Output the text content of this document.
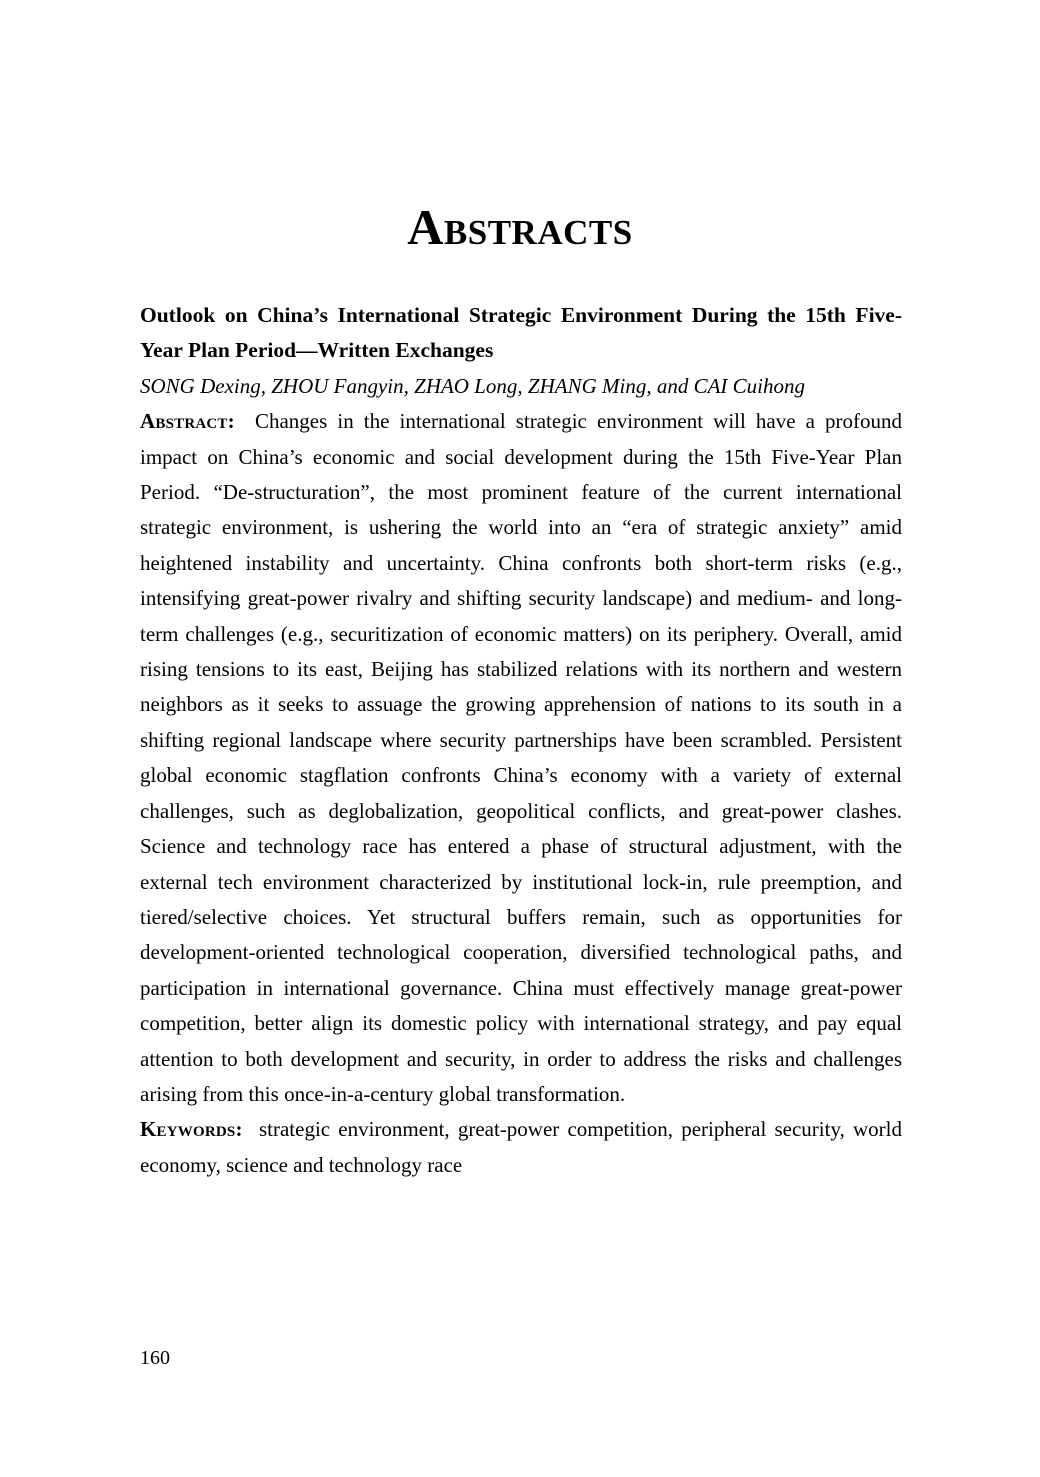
Abstracts

Outlook on China’s International Strategic Environment During the 15th Five-Year Plan Period—Written Exchanges

SONG Dexing, ZHOU Fangyin, ZHAO Long, ZHANG Ming, and CAI Cuihong

Abstract: Changes in the international strategic environment will have a profound impact on China’s economic and social development during the 15th Five-Year Plan Period. “De-structuration”, the most prominent feature of the current international strategic environment, is ushering the world into an “era of strategic anxiety” amid heightened instability and uncertainty. China confronts both short-term risks (e.g., intensifying great-power rivalry and shifting security landscape) and medium- and long-term challenges (e.g., securitization of economic matters) on its periphery. Overall, amid rising tensions to its east, Beijing has stabilized relations with its northern and western neighbors as it seeks to assuage the growing apprehension of nations to its south in a shifting regional landscape where security partnerships have been scrambled. Persistent global economic stagflation confronts China’s economy with a variety of external challenges, such as deglobalization, geopolitical conflicts, and great-power clashes. Science and technology race has entered a phase of structural adjustment, with the external tech environment characterized by institutional lock-in, rule preemption, and tiered/selective choices. Yet structural buffers remain, such as opportunities for development-oriented technological cooperation, diversified technological paths, and participation in international governance. China must effectively manage great-power competition, better align its domestic policy with international strategy, and pay equal attention to both development and security, in order to address the risks and challenges arising from this once-in-a-century global transformation.

Keywords: strategic environment, great-power competition, peripheral security, world economy, science and technology race

160
